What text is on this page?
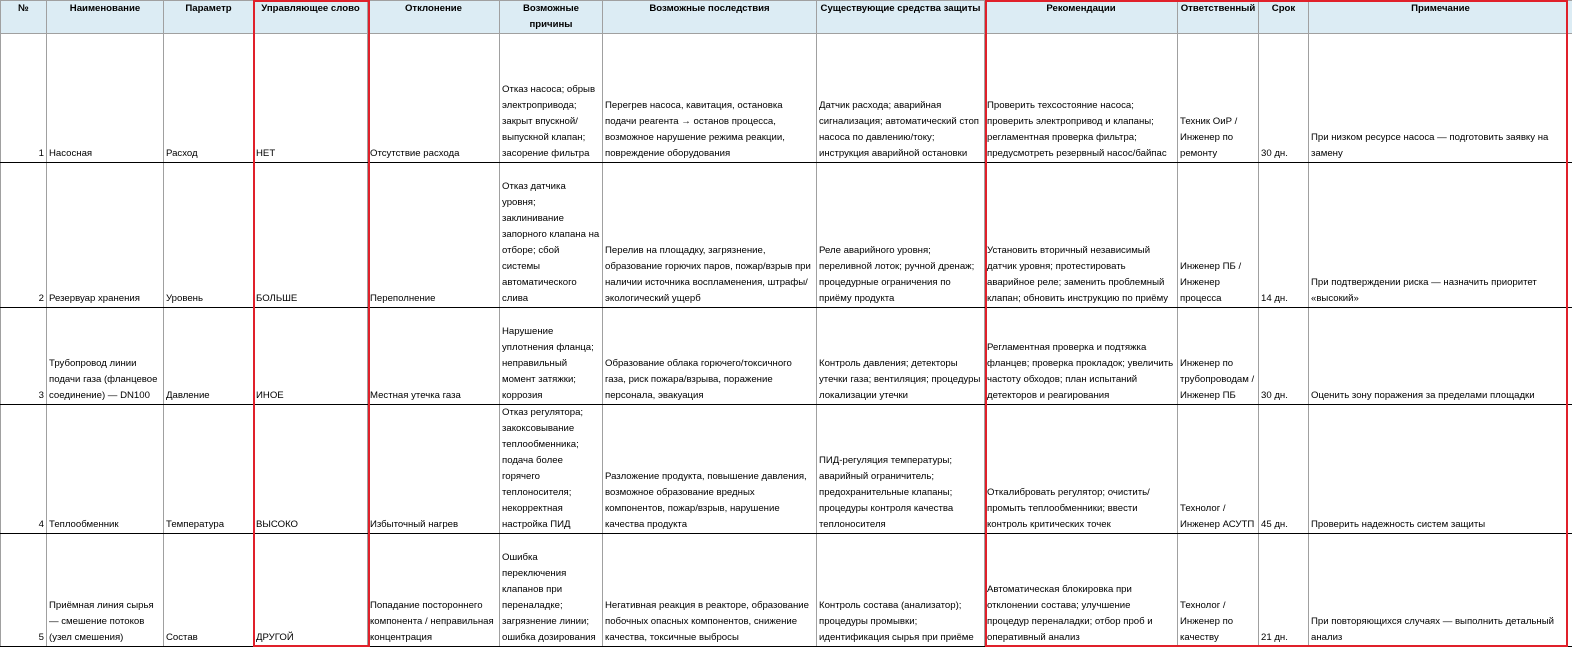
№	Наименование	Параметр	Управляющее слово	Отклонение	Возможные причины	Возможные последствия	Существующие средства защиты	Рекомендации	Ответственный	Срок	Примечание
1	Насосная	Расход	НЕТ	Отсутствие расхода	Отказ насоса; обрыв электропривода; закрыт впускной/выпускной клапан; засорение фильтра	Перегрев насоса, кавитация, остановка подачи реагента → останов процесса, возможное нарушение режима реакции, повреждение оборудования	Датчик расхода; аварийная сигнализация; автоматический стоп насоса по давлению/току; инструкция аварийной остановки	Проверить техсостояние насоса; проверить электропривод и клапаны; регламентная проверка фильтра; предусмотреть резервный насос/байпас	Техник ОиР / Инженер по ремонту	30 дн.	При низком ресурсе насоса — подготовить заявку на замену
2	Резервуар хранения	Уровень	БОЛЬШЕ	Переполнение	Отказ датчика уровня; заклинивание запорного клапана на отборе; сбой системы автоматического слива	Перелив на площадку, загрязнение, образование горючих паров, пожар/взрыв при наличии источника воспламенения, штрафы/экологический ущерб	Реле аварийного уровня; переливной лоток; ручной дренаж; процедурные ограничения по приёму продукта	Установить вторичный независимый датчик уровня; протестировать аварийное реле; заменить проблемный клапан; обновить инструкцию по приёму	Инженер ПБ / Инженер процесса	14 дн.	При подтверждении риска — назначить приоритет «высокий»
3	Трубопровод линии подачи газа (фланцевое соединение) — DN100	Давление	ИНОЕ	Местная утечка газа	Нарушение уплотнения фланца; неправильный момент затяжки; коррозия	Образование облака горючего/токсичного газа, риск пожара/взрыва, поражение персонала, эвакуация	Контроль давления; детекторы утечки газа; вентиляция; процедуры локализации утечки	Регламентная проверка и подтяжка фланцев; проверка прокладок; увеличить частоту обходов; план испытаний детекторов и реагирования	Инженер по трубопроводам / Инженер ПБ	30 дн.	Оценить зону поражения за пределами площадки
4	Теплообменник	Температура	ВЫСОКО	Избыточный нагрев	Отказ регулятора; закоксовывание теплообменника; подача более горячего теплоносителя; некорректная настройка ПИД	Разложение продукта, повышение давления, возможное образование вредных компонентов, пожар/взрыв, нарушение качества продукта	ПИД-регуляция температуры; аварийный ограничитель; предохранительные клапаны; процедуры контроля качества теплоносителя	Откалибровать регулятор; очистить/промыть теплообменники; ввести контроль критических точек	Технолог / Инженер АСУТП	45 дн.	Проверить надежность систем защиты
5	Приёмная линия сырья — смешение потоков (узел смешения)	Состав	ДРУГОЙ	Попадание постороннего компонента / неправильная концентрация	Ошибка переключения клапанов при переналадке; загрязнение линии; ошибка дозирования	Негативная реакция в реакторе, образование побочных опасных компонентов, снижение качества, токсичные выбросы	Контроль состава (анализатор); процедуры промывки; идентификация сырья при приёме	Автоматическая блокировка при отклонении состава; улучшение процедур переналадки; отбор проб и оперативный анализ	Технолог / Инженер по качеству	21 дн.	При повторяющихся случаях — выполнить детальный анализ
